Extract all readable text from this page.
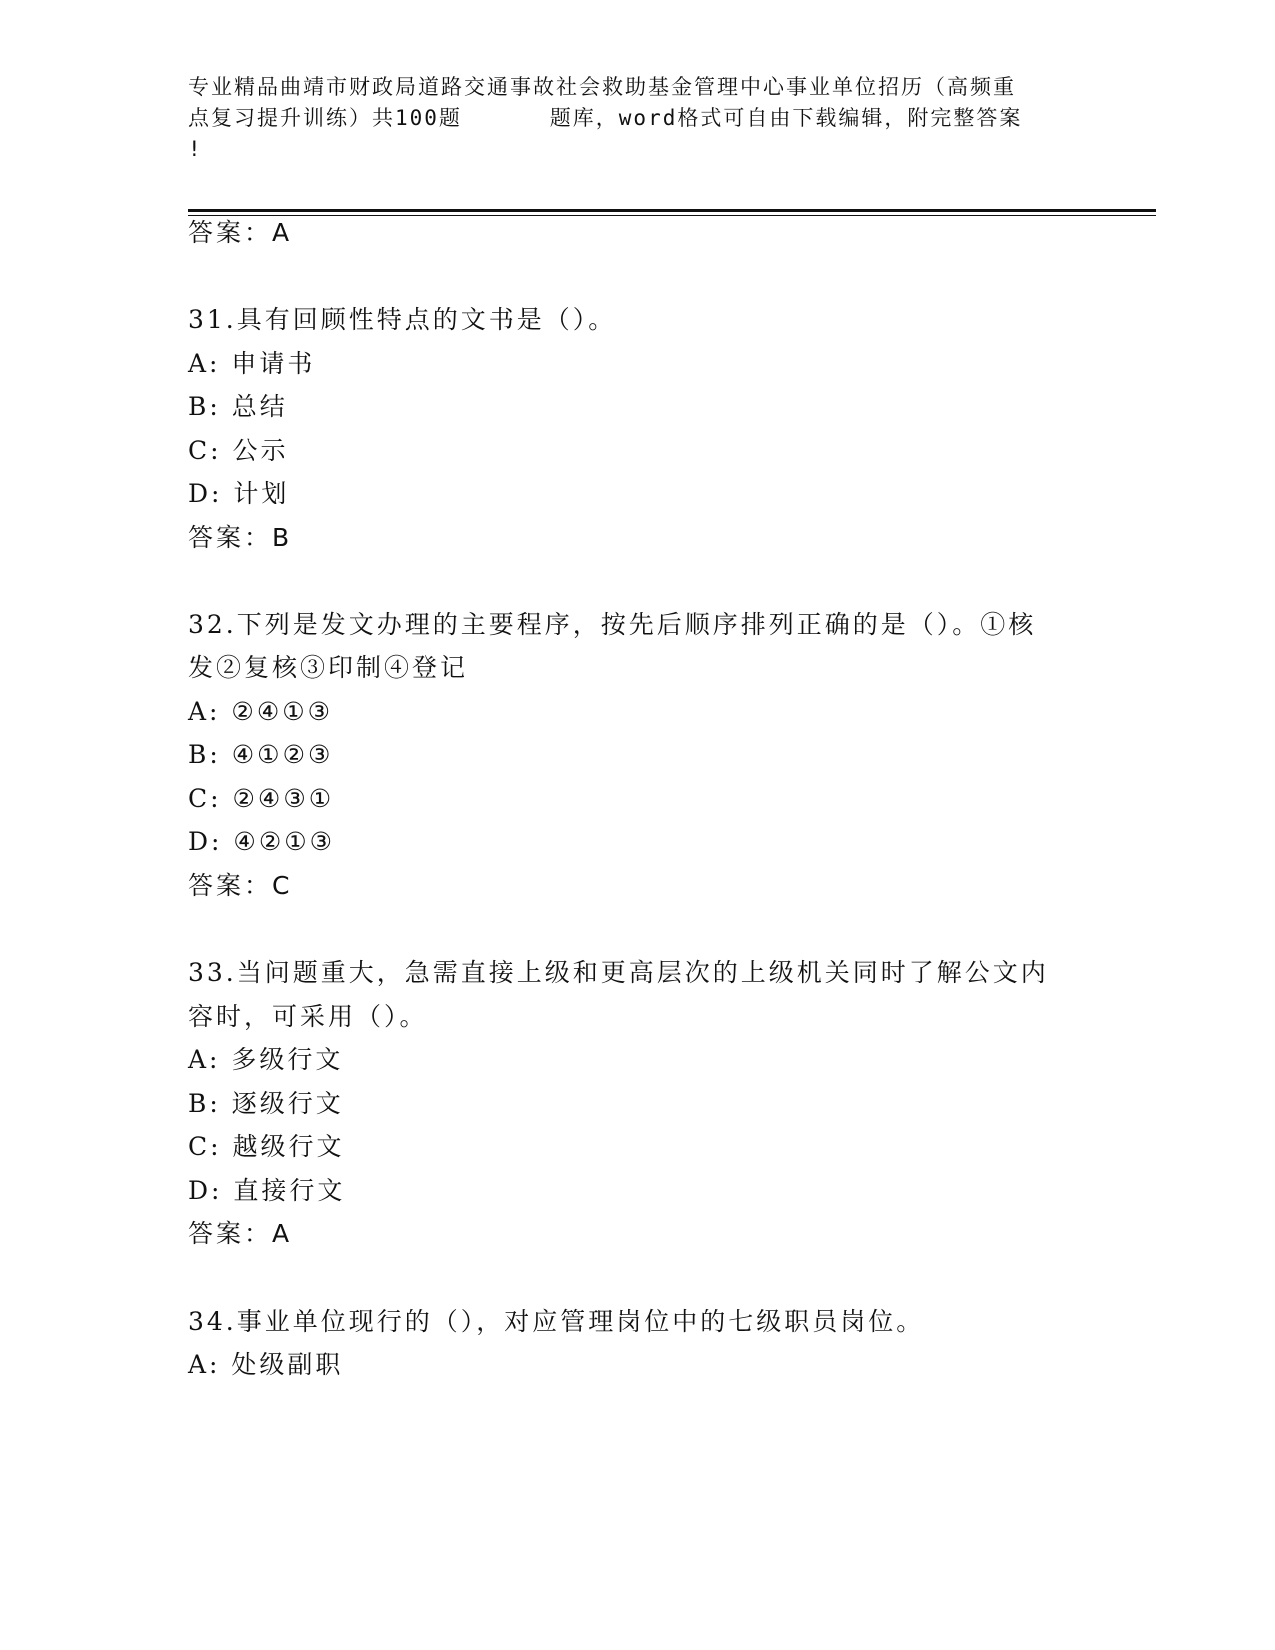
专业精品曲靖市财政局道路交通事故社会救助基金管理中心事业单位招历（高频重
点复习提升训练）共100题      题库，word格式可自由下载编辑，附完整答案
!
答案：A
31.具有回顾性特点的文书是（）。
A: 申请书
B: 总结
C: 公示
D: 计划
答案：B
32.下列是发文办理的主要程序，按先后顺序排列正确的是（）。①核
发②复核③印制④登记
A: ②④①③
B: ④①②③
C: ②④③①
D: ④②①③
答案：C
33.当问题重大，急需直接上级和更高层次的上级机关同时了解公文内
容时，可采用（）。
A: 多级行文
B: 逐级行文
C: 越级行文
D: 直接行文
答案：A
34.事业单位现行的（），对应管理岗位中的七级职员岗位。
A: 处级副职
